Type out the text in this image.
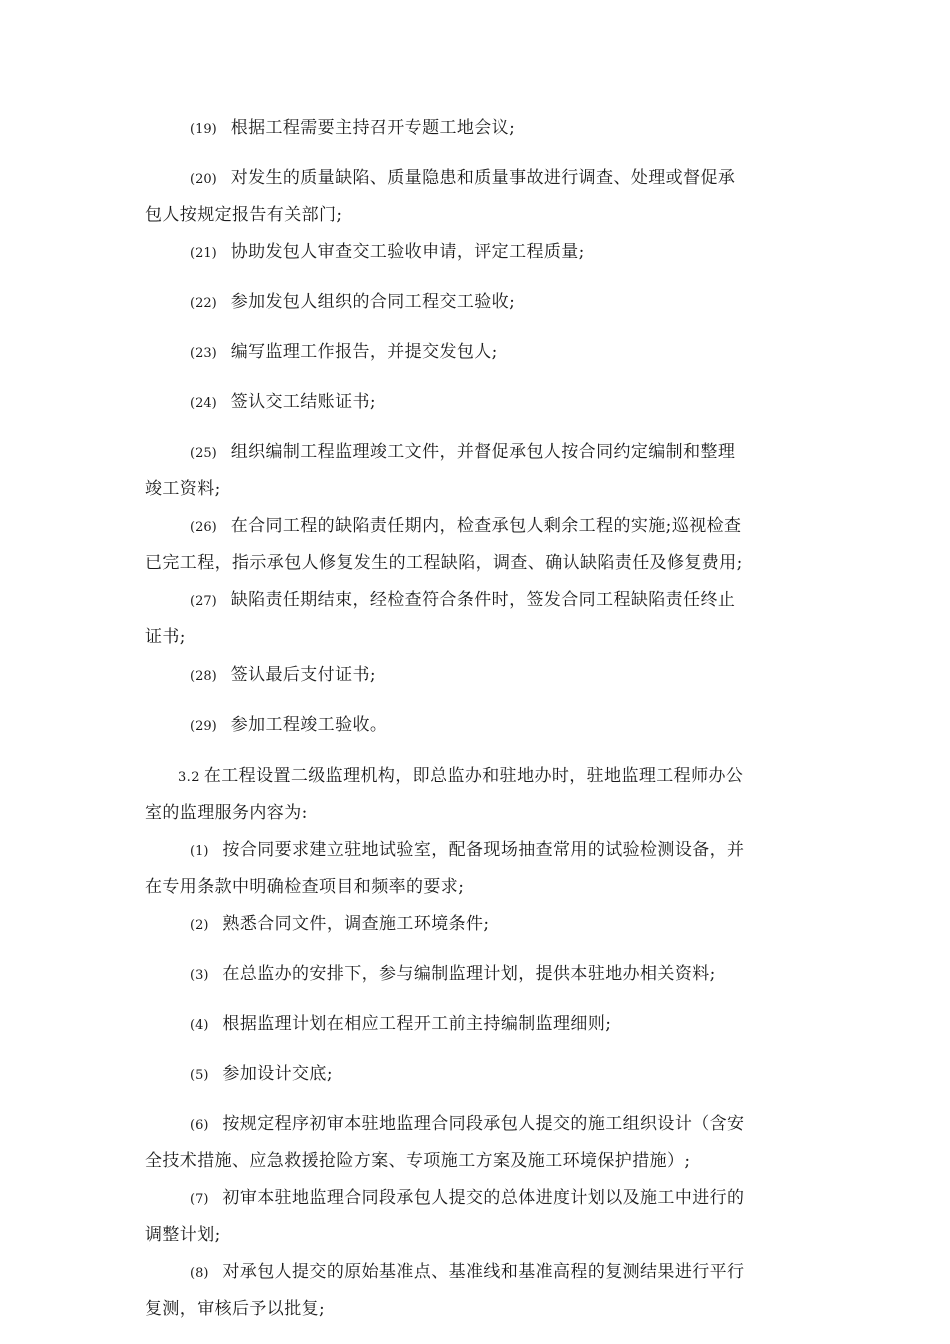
(19) 根据工程需要主持召开专题工地会议;
(20) 对发生的质量缺陷、质量隐患和质量事故进行调查、处理或督促承
包人按规定报告有关部门;
(21) 协助发包人审查交工验收申请，评定工程质量;
(22) 参加发包人组织的合同工程交工验收;
(23) 编写监理工作报告，并提交发包人;
(24) 签认交工结账证书;
(25) 组织编制工程监理竣工文件，并督促承包人按合同约定编制和整理
竣工资料;
(26) 在合同工程的缺陷责任期内，检查承包人剩余工程的实施;巡视检查
已完工程，指示承包人修复发生的工程缺陷，调查、确认缺陷责任及修复费用;
(27) 缺陷责任期结束，经检查符合条件时，签发合同工程缺陷责任终止
证书;
(28) 签认最后支付证书;
(29) 参加工程竣工验收。
3.2 在工程设置二级监理机构，即总监办和驻地办时，驻地监理工程师办公
室的监理服务内容为:
(1) 按合同要求建立驻地试验室，配备现场抽查常用的试验检测设备，并
在专用条款中明确检查项目和频率的要求;
(2) 熟悉合同文件，调查施工环境条件;
(3) 在总监办的安排下，参与编制监理计划，提供本驻地办相关资料;
(4) 根据监理计划在相应工程开工前主持编制监理细则;
(5) 参加设计交底;
(6) 按规定程序初审本驻地监理合同段承包人提交的施工组织设计（含安
全技术措施、应急救援抢险方案、专项施工方案及施工环境保护措施）;
(7) 初审本驻地监理合同段承包人提交的总体进度计划以及施工中进行的
调整计划;
(8) 对承包人提交的原始基准点、基准线和基准高程的复测结果进行平行
复测，审核后予以批复;
